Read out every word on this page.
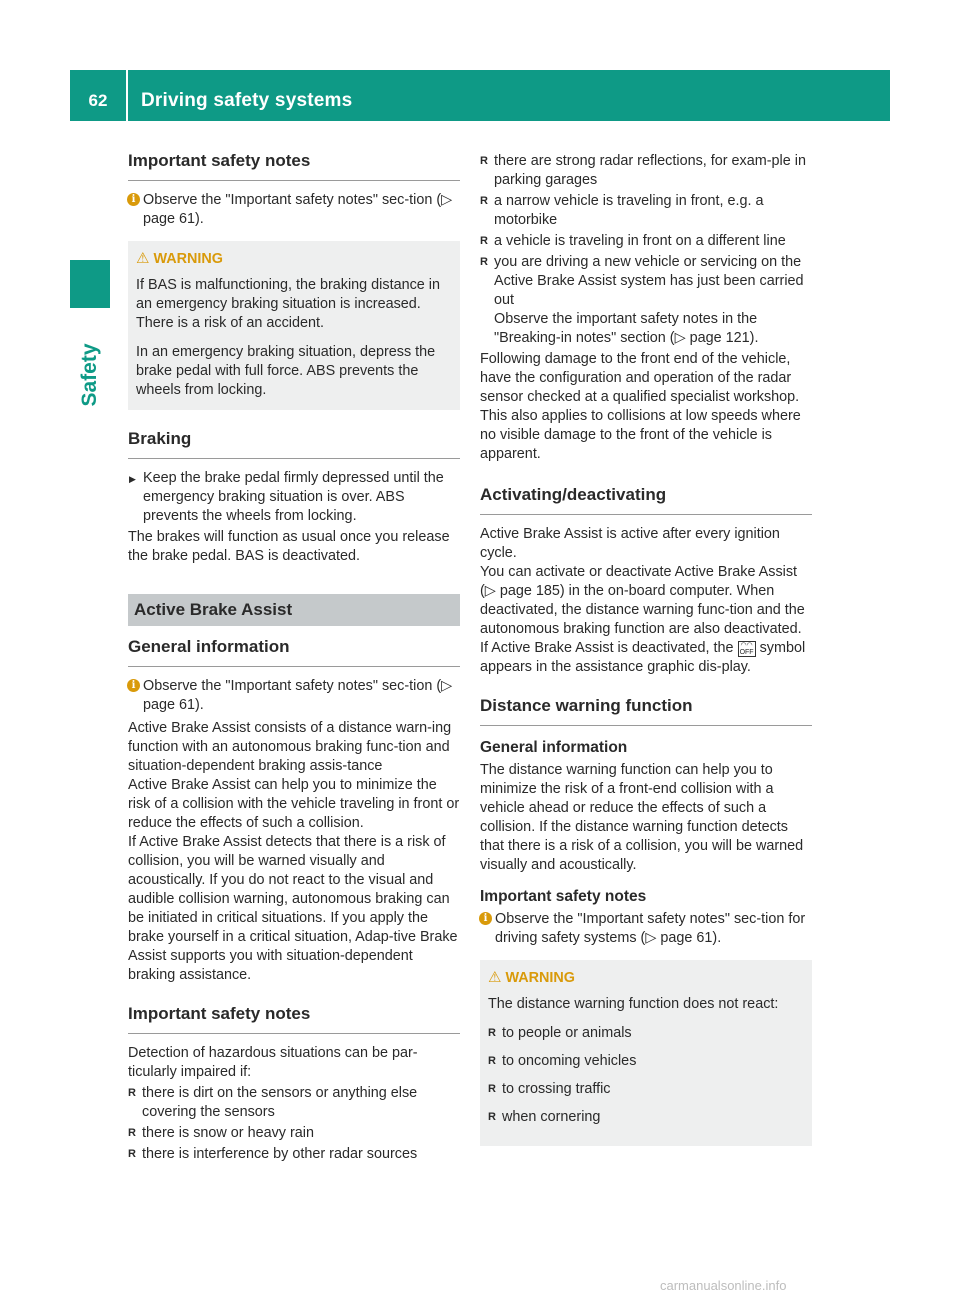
62	Driving safety systems
Safety
Important safety notes
i Observe the "Important safety notes" sec-tion (▷ page 61).
⚠ WARNING

If BAS is malfunctioning, the braking distance in an emergency braking situation is increased. There is a risk of an accident.

In an emergency braking situation, depress the brake pedal with full force. ABS prevents the wheels from locking.

Braking
▶ Keep the brake pedal firmly depressed until the emergency braking situation is over. ABS prevents the wheels from locking.

The brakes will function as usual once you release the brake pedal. BAS is deactivated.

Active Brake Assist
General information
i Observe the "Important safety notes" sec-tion (▷ page 61).

Active Brake Assist consists of a distance warn-ing function with an autonomous braking func-tion and situation-dependent braking assis-tance

Active Brake Assist can help you to minimize the risk of a collision with the vehicle traveling in front or reduce the effects of such a collision.

If Active Brake Assist detects that there is a risk of collision, you will be warned visually and acoustically. If you do not react to the visual and audible collision warning, autonomous braking can be initiated in critical situations. If you apply the brake yourself in a critical situation, Adap-tive Brake Assist supports you with situation-dependent braking assistance.

Important safety notes

Detection of hazardous situations can be par-ticularly impaired if:

R there is dirt on the sensors or anything else covering the sensors
R there is snow or heavy rain
R there is interference by other radar sources
R there are strong radar reflections, for exam-ple in parking garages
R a narrow vehicle is traveling in front, e.g. a motorbike
R a vehicle is traveling in front on a different line
R you are driving a new vehicle or servicing on the Active Brake Assist system has just been carried out

Observe the important safety notes in the "Breaking-in notes" section (▷ page 121).

Following damage to the front end of the vehicle, have the configuration and operation of the radar sensor checked at a qualified specialist workshop. This also applies to collisions at low speeds where no visible damage to the front of the vehicle is apparent.

Activating/deactivating

Active Brake Assist is active after every ignition cycle.

You can activate or deactivate Active Brake Assist (▷ page 185) in the on-board computer. When deactivated, the distance warning func-tion and the autonomous braking function are also deactivated.

If Active Brake Assist is deactivated, the ◠◠
OFF symbol appears in the assistance graphic dis-play.

Distance warning function
General information

The distance warning function can help you to minimize the risk of a front-end collision with a vehicle ahead or reduce the effects of such a collision. If the distance warning function detects that there is a risk of a collision, you will be warned visually and acoustically.

Important safety notes
i Observe the "Important safety notes" sec-tion for driving safety systems (▷ page 61).
⚠ WARNING

The distance warning function does not react:

R to people or animals
R to oncoming vehicles
R to crossing traffic
R when cornering
carmanualsonline.info
